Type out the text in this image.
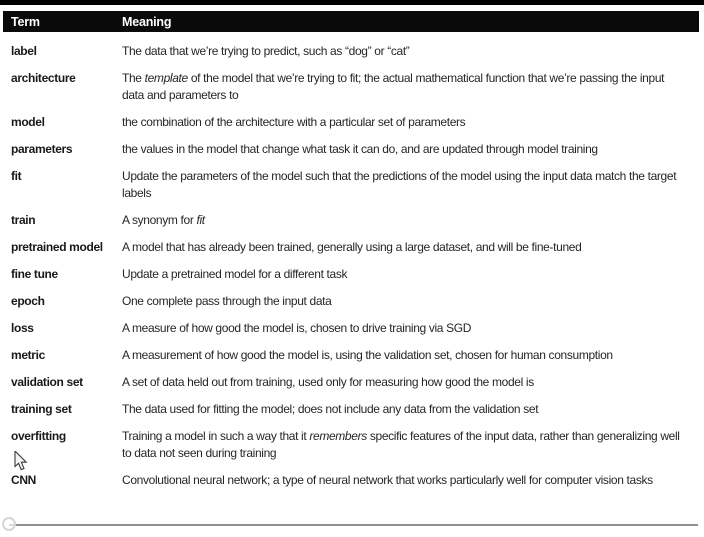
Term	Meaning
label	The data that we’re trying to predict, such as “dog” or “cat”
architecture	The template of the model that we’re trying to fit; the actual mathematical function that we’re passing the input data and parameters to
model	the combination of the architecture with a particular set of parameters
parameters	the values in the model that change what task it can do, and are updated through model training
fit	Update the parameters of the model such that the predictions of the model using the input data match the target labels
train	A synonym for fit
pretrained model	A model that has already been trained, generally using a large dataset, and will be fine-tuned
fine tune	Update a pretrained model for a different task
epoch	One complete pass through the input data
loss	A measure of how good the model is, chosen to drive training via SGD
metric	A measurement of how good the model is, using the validation set, chosen for human consumption
validation set	A set of data held out from training, used only for measuring how good the model is
training set	The data used for fitting the model; does not include any data from the validation set
overfitting	Training a model in such a way that it remembers specific features of the input data, rather than generalizing well to data not seen during training
CNN	Convolutional neural network; a type of neural network that works particularly well for computer vision tasks
